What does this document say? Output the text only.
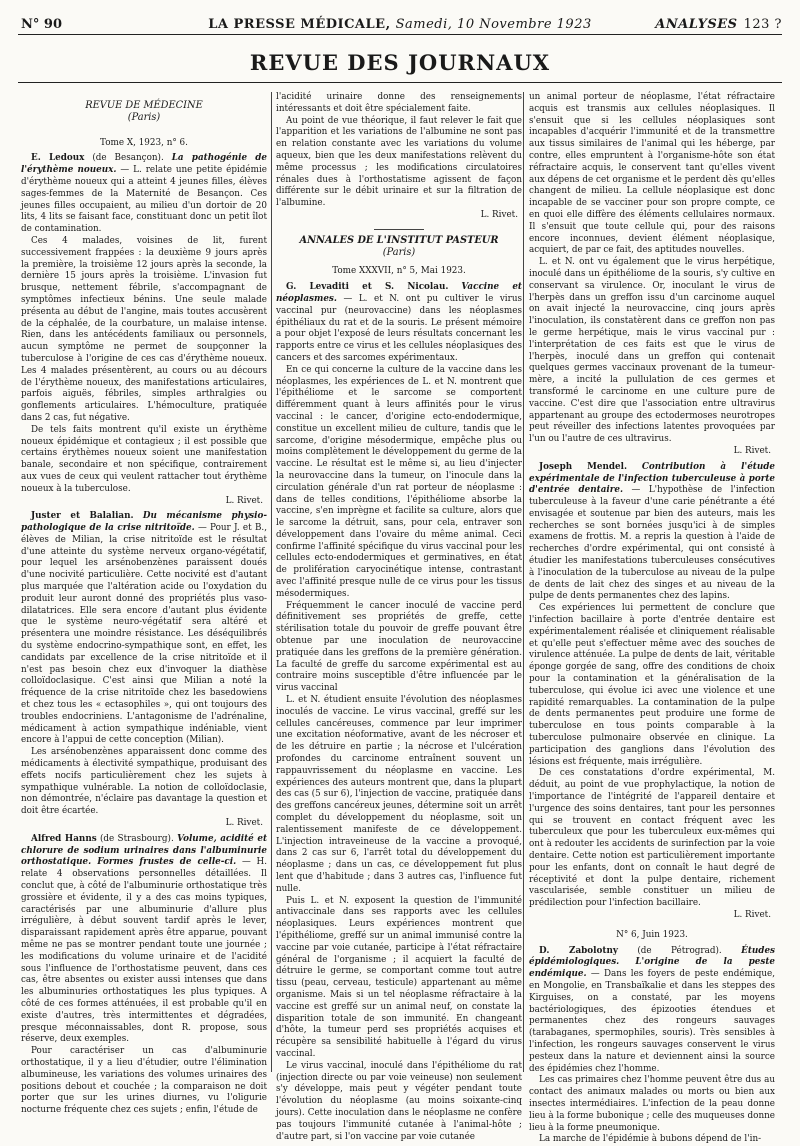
N° 90	LA PRESSE MÉDICALE, Samedi, 10 Novembre 1923	ANALYSES 123 ?
REVUE DES JOURNAUX

REVUE DE MÉDECINE

(Paris)

Tome X, 1923, n° 6.

E. Ledoux (de Besançon). La pathogénie de l'érythème noueux. — L. relate une petite épidémie d'érythème noueux qui a atteint 4 jeunes filles, élèves sages-femmes de la Maternité de Besançon. Ces jeunes filles occupaient, au milieu d'un dortoir de 20 lits, 4 lits se faisant face, constituant donc un petit îlot de contamination.

Ces 4 malades, voisines de lit, furent successivement frappées : la deuxième 9 jours après la première, la troisième 12 jours après la seconde, la dernière 15 jours après la troisième. L'invasion fut brusque, nettement fébrile, s'accompagnant de symptômes infectieux bénins. Une seule malade présenta au début de l'angine, mais toutes accusèrent de la céphalée, de la courbature, un malaise intense. Rien, dans les antécédents familiaux ou personnels, aucun symptôme ne permet de soupçonner la tuberculose à l'origine de ces cas d'érythème noueux. Les 4 malades présentèrent, au cours ou au décours de l'érythème noueux, des manifestations articulaires, parfois aiguës, fébriles, simples arthralgies ou gonflements articulaires. L'hémoculture, pratiquée dans 2 cas, fut négative.

De tels faits montrent qu'il existe un érythème noueux épidémique et contagieux ; il est possible que certains érythèmes noueux soient une manifestation banale, secondaire et non spécifique, contrairement aux vues de ceux qui veulent rattacher tout érythème noueux à la tuberculose.

L. Rivet.

Juster et Balalian. Du mécanisme physio-pathologique de la crise nitritoïde. — Pour J. et B., élèves de Milian, la crise nitritoïde est le résultat d'une atteinte du système nerveux organo-végétatif, pour lequel les arsénobenzènes paraissent doués d'une nocivité particulière. Cette nocivité est d'autant plus marquée que l'altération acide ou l'oxydation du produit leur auront donné des propriétés plus vaso-dilatatrices. Elle sera encore d'autant plus évidente que le système neuro-végétatif sera altéré et présentera une moindre résistance. Les déséquilibrés du système endocrino-sympathique sont, en effet, les candidats par excellence de la crise nitritoïde et il n'est pas besoin chez eux d'invoquer la diathèse colloïdoclasique. C'est ainsi que Milian a noté la fréquence de la crise nitritoïde chez les basedowiens et chez tous les « ectasophiles », qui ont toujours des troubles endocriniens. L'antagonisme de l'adrénaline, médicament à action sympathique indéniable, vient encore à l'appui de cette conception (Milian).

Les arsénobenzènes apparaissent donc comme des médicaments à électivité sympathique, produisant des effets nocifs particulièrement chez les sujets à sympathique vulnérable. La notion de colloïdoclasie, non démontrée, n'éclaire pas davantage la question et doit être écartée.

L. Rivet.

Alfred Hanns (de Strasbourg). Volume, acidité et chlorure de sodium urinaires dans l'albuminurie orthostatique. Formes frustes de celle-ci. — H. relate 4 observations personnelles détaillées. Il conclut que, à côté de l'albuminurie orthostatique très grossière et évidente, il y a des cas moins typiques, caractérisés par une albuminurie d'allure plus irrégulière, à début souvent tardif après le lever, disparaissant rapidement après être apparue, pouvant même ne pas se montrer pendant toute une journée ; les modifications du volume urinaire et de l'acidité sous l'influence de l'orthostatisme peuvent, dans ces cas, être absentes ou exister aussi intenses que dans les albuminuries orthostatiques les plus typiques. A côté de ces formes atténuées, il est probable qu'il en existe d'autres, très intermittentes et dégradées, presque méconnaissables, dont R. propose, sous réserve, deux exemples.

Pour caractériser un cas d'albuminurie orthostatique, il y a lieu d'étudier, outre l'élimination albumineuse, les variations des volumes urinaires des positions debout et couchée ; la comparaison ne doit porter que sur les urines diurnes, vu l'oligurie nocturne fréquente chez ces sujets ; enfin, l'étude de

l'acidité urinaire donne des renseignements intéressants et doit être spécialement faite.

Au point de vue théorique, il faut relever le fait que l'apparition et les variations de l'albumine ne sont pas en relation constante avec les variations du volume aqueux, bien que les deux manifestations relèvent du même processus ; les modifications circulatoires rénales dues à l'orthostatisme agissent de façon différente sur le débit urinaire et sur la filtration de l'albumine.

L. Rivet.

ANNALES DE L'INSTITUT PASTEUR

(Paris)

Tome XXXVII, n° 5, Mai 1923.

G. Levaditi et S. Nicolau. Vaccine et néoplasmes. — L. et N. ont pu cultiver le virus vaccinal pur (neurovaccine) dans les néoplasmes épithéliaux du rat et de la souris. Le présent mémoire a pour objet l'exposé de leurs résultats concernant les rapports entre ce virus et les cellules néoplasiques des cancers et des sarcomes expérimentaux.

En ce qui concerne la culture de la vaccine dans les néoplasmes, les expériences de L. et N. montrent que l'épithéliome et le sarcome se comportent différemment quant à leurs affinités pour le virus vaccinal : le cancer, d'origine ecto-endodermique, constitue un excellent milieu de culture, tandis que le sarcome, d'origine mésodermique, empêche plus ou moins complètement le développement du germe de la vaccine. Le résultat est le même si, au lieu d'injecter la neurovaccine dans la tumeur, on l'inocule dans la circulation générale d'un rat porteur de néoplasme : dans de telles conditions, l'épithéliome absorbe la vaccine, s'en imprègne et facilite sa culture, alors que le sarcome la détruit, sans, pour cela, entraver son développement dans l'ovaire du même animal. Ceci confirme l'affinité spécifique du virus vaccinal pour les cellules ecto-endodermiques et germinatives, en état de prolifération caryocinétique intense, contrastant avec l'affinité presque nulle de ce virus pour les tissus mésodermiques.

Fréquemment le cancer inoculé de vaccine perd définitivement ses propriétés de greffe, cette stérilisation totale du pouvoir de greffe pouvant être obtenue par une inoculation de neurovaccine pratiquée dans les greffons de la première génération. La faculté de greffe du sarcome expérimental est au contraire moins susceptible d'être influencée par le virus vaccinal

L. et N. étudient ensuite l'évolution des néoplasmes inoculés de vaccine. Le virus vaccinal, greffé sur les cellules cancéreuses, commence par leur imprimer une excitation néoformative, avant de les nécroser et de les détruire en partie ; la nécrose et l'ulcération profondes du carcinome entraînent souvent un rappauvrissement du néoplasme en vaccine. Les expériences des auteurs montrent que, dans la plupart des cas (5 sur 6), l'injection de vaccine, pratiquée dans des greffons cancéreux jeunes, détermine soit un arrêt complet du développement du néoplasme, soit un ralentissement manifeste de ce développement. L'injection intraveineuse de la vaccine a provoqué, dans 2 cas sur 6, l'arrêt total du développement du néoplasme ; dans un cas, ce développement fut plus lent que d'habitude ; dans 3 autres cas, l'influence fut nulle.

Puis L. et N. exposent la question de l'immunité antivaccinale dans ses rapports avec les cellules néoplasiques. Leurs expériences montrent que l'épithéliome, greffé sur un animal immunisé contre la vaccine par voie cutanée, participe à l'état réfractaire général de l'organisme ; il acquiert la faculté de détruire le germe, se comportant comme tout autre tissu (peau, cerveau, testicule) appartenant au même organisme. Mais si un tel néoplasme réfractaire à la vaccine est greffé sur un animal neuf, on constate la disparition totale de son immunité. En changeant d'hôte, la tumeur perd ses propriétés acquises et récupère sa sensibilité habituelle à l'égard du virus vaccinal.

Le virus vaccinal, inoculé dans l'épithéliome du rat (injection directe ou par voie veineuse) non seulement s'y développe, mais peut y végéter pendant toute l'évolution du néoplasme (au moins soixante-cinq jours). Cette inoculation dans le néoplasme ne confère pas toujours l'immunité cutanée à l'animal-hôte ; d'autre part, si l'on vaccine par voie cutanée

un animal porteur de néoplasme, l'état réfractaire acquis est transmis aux cellules néoplasiques. Il s'ensuit que si les cellules néoplasiques sont incapables d'acquérir l'immunité et de la transmettre aux tissus similaires de l'animal qui les héberge, par contre, elles empruntent à l'organisme-hôte son état réfractaire acquis, le conservent tant qu'elles vivent aux dépens de cet organisme et le perdent dès qu'elles changent de milieu. La cellule néoplasique est donc incapable de se vacciner pour son propre compte, ce en quoi elle diffère des éléments cellulaires normaux. Il s'ensuit que toute cellule qui, pour des raisons encore inconnues, devient élément néoplasique, acquiert, de par ce fait, des aptitudes nouvelles.

L. et N. ont vu également que le virus herpétique, inoculé dans un épithéliome de la souris, s'y cultive en conservant sa virulence. Or, inoculant le virus de l'herpès dans un greffon issu d'un carcinome auquel on avait injecté la neurovaccine, cinq jours après l'inoculation, ils constatèrent dans ce greffon non pas le germe herpétique, mais le virus vaccinal pur : l'interprétation de ces faits est que le virus de l'herpès, inoculé dans un greffon qui contenait quelques germes vaccinaux provenant de la tumeur-mère, a incité la pullulation de ces germes et transformé le carcinome en une culture pure de vaccine. C'est dire que l'association entre ultravirus appartenant au groupe des ectodermoses neurotropes peut réveiller des infections latentes provoquées par l'un ou l'autre de ces ultravirus.

L. Rivet.

Joseph Mendel. Contribution à l'étude expérimentale de l'infection tuberculeuse à porte d'entrée dentaire. — L'hypothèse de l'infection tuberculeuse à la faveur d'une carie pénétrante a été envisagée et soutenue par bien des auteurs, mais les recherches se sont bornées jusqu'ici à de simples examens de frottis. M. a repris la question à l'aide de recherches d'ordre expérimental, qui ont consisté à étudier les manifestations tuberculeuses consécutives à l'inoculation de la tuberculose au niveau de la pulpe de dents de lait chez des singes et au niveau de la pulpe de dents permanentes chez des lapins.

Ces expériences lui permettent de conclure que l'infection bacillaire à porte d'entrée dentaire est expérimentalement réalisée et cliniquement réalisable et qu'elle peut s'effectuer même avec des souches de virulence atténuée. La pulpe de dents de lait, véritable éponge gorgée de sang, offre des conditions de choix pour la contamination et la généralisation de la tuberculose, qui évolue ici avec une violence et une rapidité remarquables. La contamination de la pulpe de dents permanentes peut produire une forme de tuberculose en tous points comparable à la tuberculose pulmonaire observée en clinique. La participation des ganglions dans l'évolution des lésions est fréquente, mais irrégulière.

De ces constatations d'ordre expérimental, M. déduit, au point de vue prophylactique, la notion de l'importance de l'intégrité de l'appareil dentaire et l'urgence des soins dentaires, tant pour les personnes qui se trouvent en contact fréquent avec les tuberculeux que pour les tuberculeux eux-mêmes qui ont à redouter les accidents de surinfection par la voie dentaire. Cette notion est particulièrement importante pour les enfants, dont on connaît le haut degré de réceptivité et dont la pulpe dentaire, richement vascularisée, semble constituer un milieu de prédilection pour l'infection bacillaire.

L. Rivet.

N° 6, Juin 1923.

D. Zabolotny (de Pétrograd). Études épidémiologiques. L'origine de la peste endémique. — Dans les foyers de peste endémique, en Mongolie, en Transbaïkalie et dans les steppes des Kirguises, on a constaté, par les moyens bactériologiques, des épizooties étendues et permanentes chez des rongeurs sauvages (tarabaganes, spermophiles, souris). Très sensibles à l'infection, les rongeurs sauvages conservent le virus pesteux dans la nature et deviennent ainsi la source des épidémies chez l'homme.

Les cas primaires chez l'homme peuvent être dus au contact des animaux malades ou morts ou bien aux insectes intermédiaires. L'infection de la peau donne lieu à la forme bubonique ; celle des muqueuses donne lieu à la forme pneumonique.

La marche de l'épidémie à bubons dépend de l'in-
